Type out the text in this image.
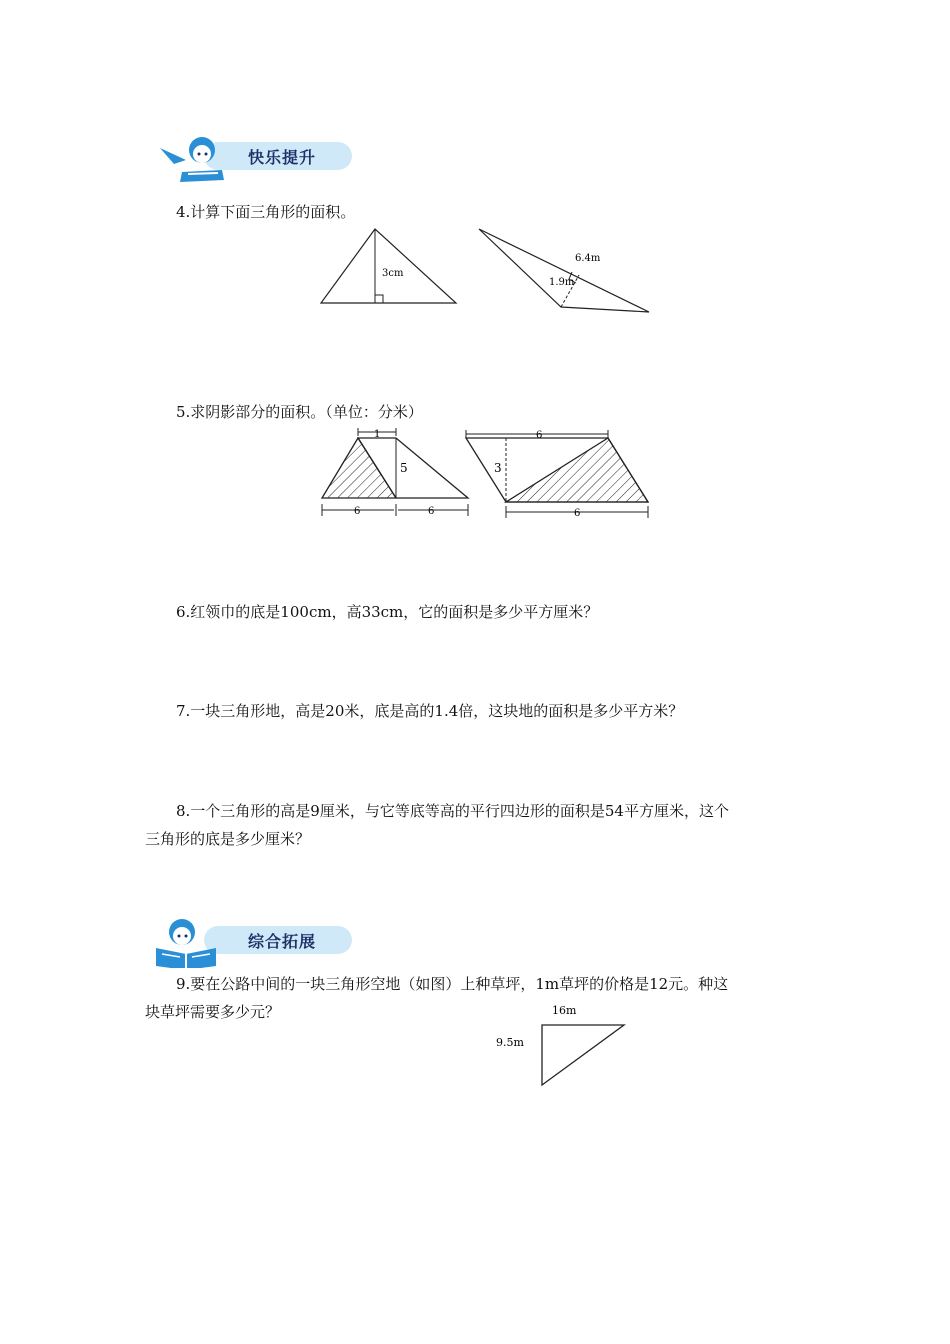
快乐提升
4.计算下面三角形的面积。
3cm
6.4m
1.9m
5.求阴影部分的面积。（单位：分米）
1
5
6	6
6
3
6
6.红领巾的底是100cm，高33cm，它的面积是多少平方厘米？
7.一块三角形地，高是20米，底是高的1.4倍，这块地的面积是多少平方米？
8.一个三角形的高是9厘米，与它等底等高的平行四边形的面积是54平方厘米，这个
三角形的底是多少厘米？
综合拓展
9.要在公路中间的一块三角形空地（如图）上种草坪，1m草坪的价格是12元。种这
块草坪需要多少元？	16m
9.5m
